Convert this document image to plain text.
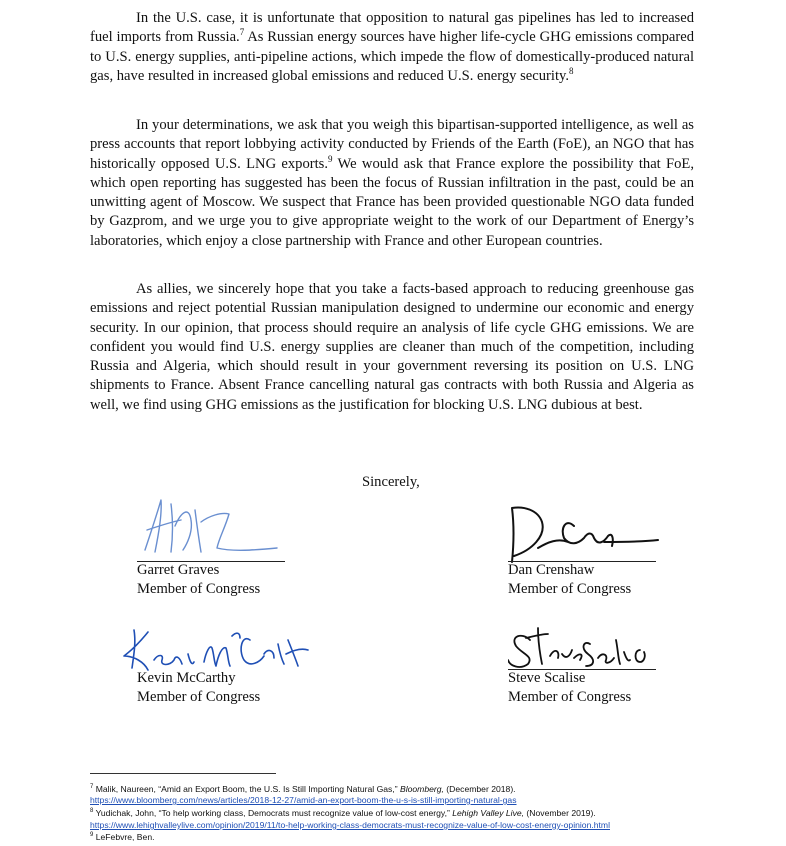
In the U.S. case, it is unfortunate that opposition to natural gas pipelines has led to increased fuel imports from Russia.$^7$ As Russian energy sources have higher life-cycle GHG emissions compared to U.S. energy supplies, anti-pipeline actions, which impede the flow of domestically-produced natural gas, have resulted in increased global emissions and reduced U.S. energy security.$^8$

In your determinations, we ask that you weigh this bipartisan-supported intelligence, as well as press accounts that report lobbying activity conducted by Friends of the Earth (FoE), an NGO that has historically opposed U.S. LNG exports.$^9$ We would ask that France explore the possibility that FoE, which open reporting has suggested has been the focus of Russian infiltration in the past, could be an unwitting agent of Moscow. We suspect that France has been provided questionable NGO data funded by Gazprom, and we urge you to give appropriate weight to the work of our Department of Energy’s laboratories, which enjoy a close partnership with France and other European countries.

As allies, we sincerely hope that you take a facts-based approach to reducing greenhouse gas emissions and reject potential Russian manipulation designed to undermine our economic and energy security. In our opinion, that process should require an analysis of life cycle GHG emissions. We are confident you would find U.S. energy supplies are cleaner than much of the competition, including Russia and Algeria, which should result in your government reversing its position on U.S. LNG shipments to France. Absent France cancelling natural gas contracts with both Russia and Algeria as well, we find using GHG emissions as the justification for blocking U.S. LNG dubious at best.

Sincerely,
Garret Graves
Member of Congress
Dan Crenshaw
Member of Congress
Kevin McCarthy
Member of Congress
Steve Scalise
Member of Congress
$^7$ Malik, Naureen, “Amid an Export Boom, the U.S. Is Still Importing Natural Gas,” Bloomberg, (December 2018).
https://www.bloomberg.com/news/articles/2018-12-27/amid-an-export-boom-the-u-s-is-still-importing-natural-gas
$^8$ Yudichak, John, “To help working class, Democrats must recognize value of low-cost energy,” Lehigh Valley Live, (November 2019).
https://www.lehighvalleylive.com/opinion/2019/11/to-help-working-class-democrats-must-recognize-value-of-low-cost-energy-opinion.html
$^9$ LeFebvre, Ben.
